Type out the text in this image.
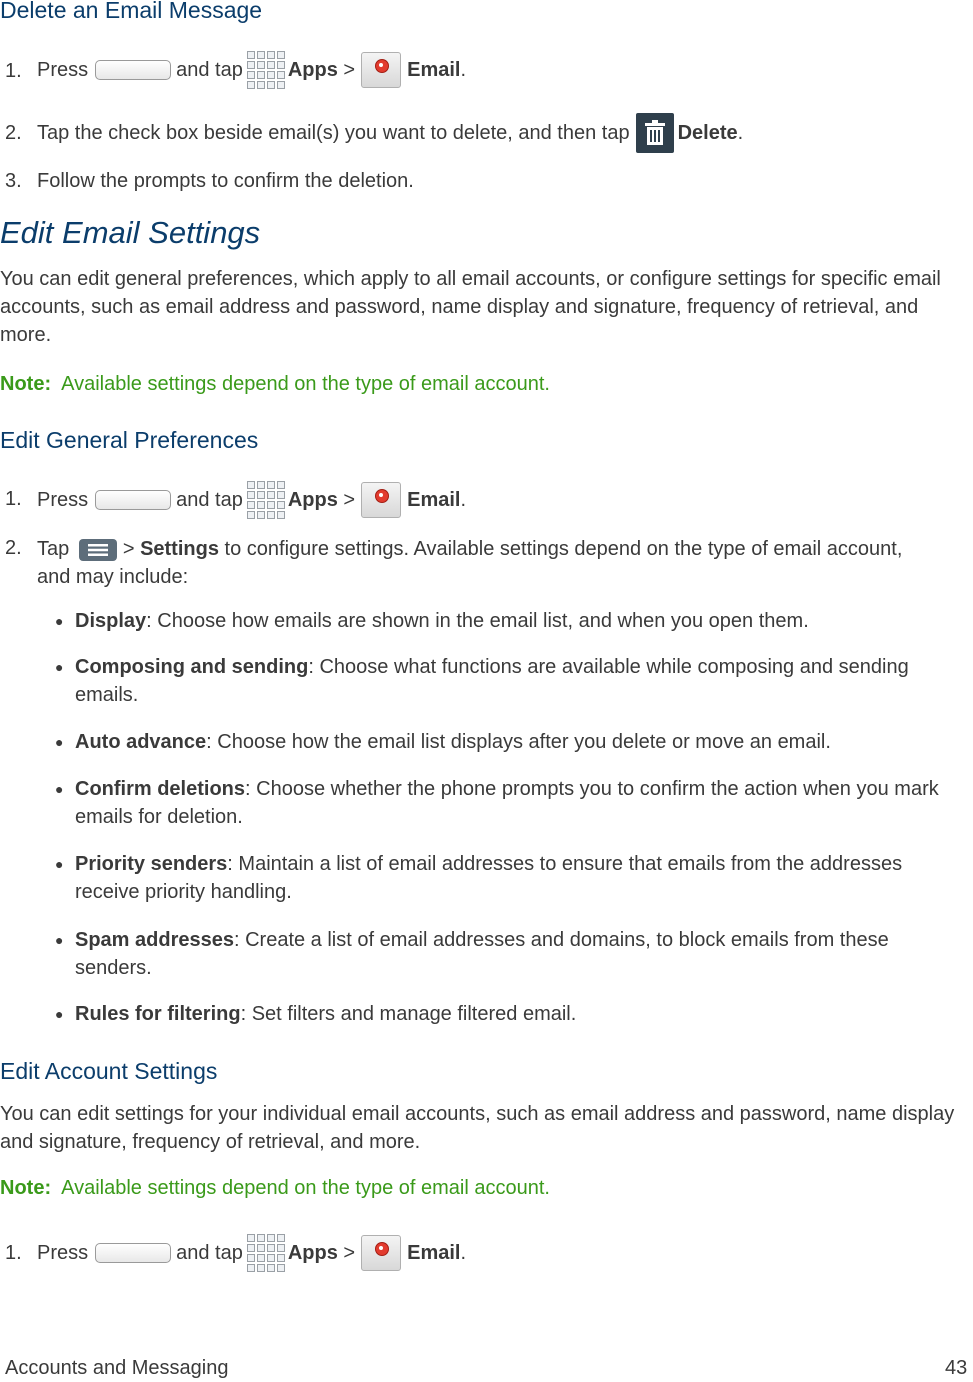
Delete an Email Message
1. Press	and tap Apps
>	Email .
2. Tap the check box beside email(s) you want to delete, and then tap Delete .
3. Follow the prompts to confirm the deletion.
Edit Email Settings
You can edit general preferences, which apply to all email accounts, or configure settings for specific email accounts, such as email address and password, name display and signature, frequency of retrieval, and more.
Note: Available settings depend on the type of email account.
Edit General Preferences
1. Press	and tap Apps
>	Email .
2. Tap	> Settings to configure settings. Available settings depend on the type of email account, and may include:
● Display: Choose how emails are shown in the email list, and when you open them.
● Composing and sending: Choose what functions are available while composing and sending emails.
● Auto advance: Choose how the email list displays after you delete or move an email.
● Confirm deletions: Choose whether the phone prompts you to confirm the action when you mark emails for deletion.
● Priority senders: Maintain a list of email addresses to ensure that emails from the addresses receive priority handling.
● Spam addresses: Create a list of email addresses and domains, to block emails from these senders.
● Rules for filtering: Set filters and manage filtered email.
Edit Account Settings
You can edit settings for your individual email accounts, such as email address and password, name display and signature, frequency of retrieval, and more.
Note: Available settings depend on the type of email account.
1. Press	and tap Apps
>	Email .
Accounts and Messaging	43
